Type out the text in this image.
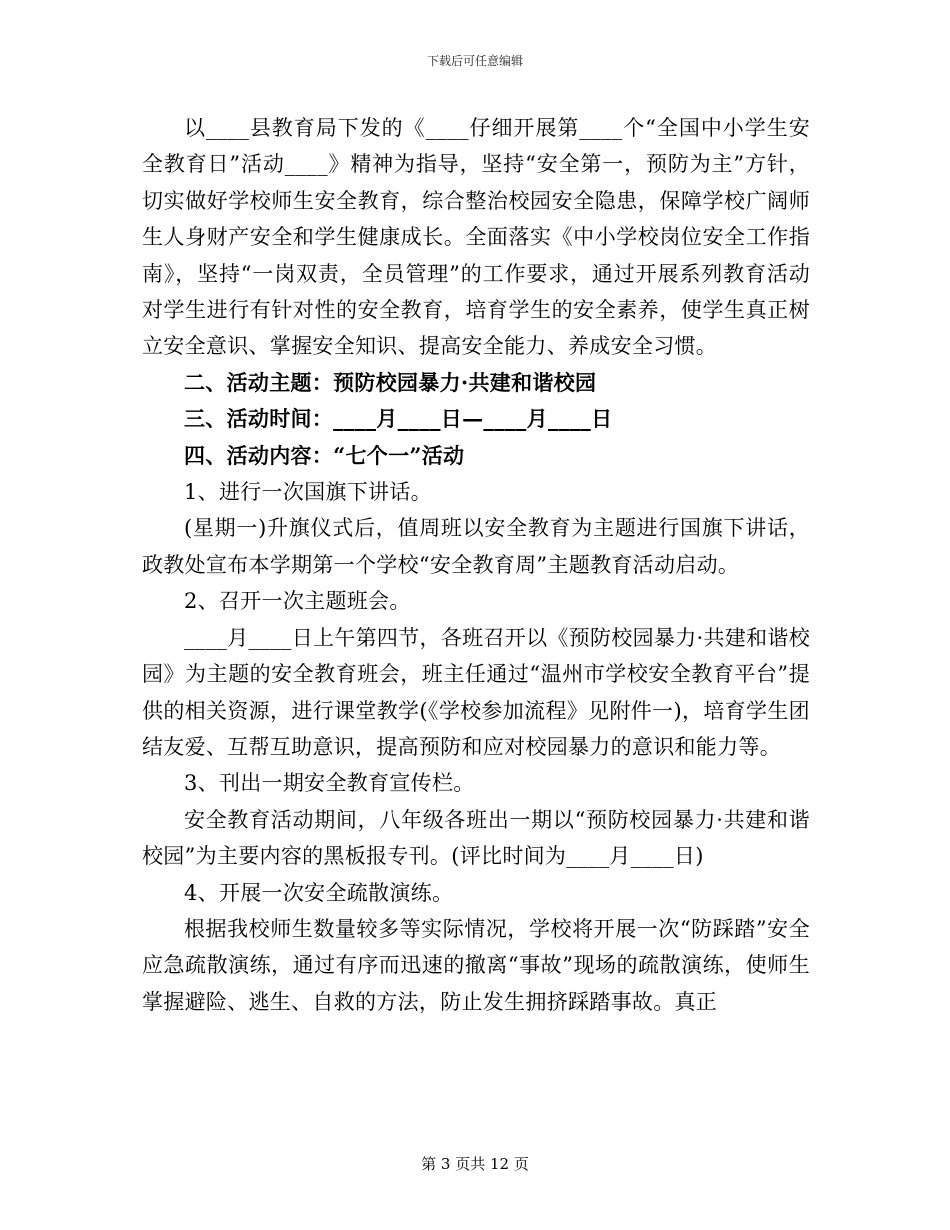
下载后可任意编辑

以____县教育局下发的《____仔细开展第____个“全国中小学生安全教育日”活动____》精神为指导，坚持“安全第一，预防为主”方针，切实做好学校师生安全教育，综合整治校园安全隐患，保障学校广阔师生人身财产安全和学生健康成长。全面落实《中小学校岗位安全工作指南》，坚持“一岗双责，全员管理”的工作要求，通过开展系列教育活动对学生进行有针对性的安全教育，培育学生的安全素养，使学生真正树立安全意识、掌握安全知识、提高安全能力、养成安全习惯。

二、活动主题：预防校园暴力·共建和谐校园

三、活动时间：____月____日—____月____日

四、活动内容：“七个一”活动

1、进行一次国旗下讲话。

(星期一)升旗仪式后，值周班以安全教育为主题进行国旗下讲话，政教处宣布本学期第一个学校“安全教育周”主题教育活动启动。

2、召开一次主题班会。

____月____日上午第四节，各班召开以《预防校园暴力·共建和谐校园》为主题的安全教育班会，班主任通过“温州市学校安全教育平台”提供的相关资源，进行课堂教学(《学校参加流程》见附件一)，培育学生团结友爱、互帮互助意识，提高预防和应对校园暴力的意识和能力等。

3、刊出一期安全教育宣传栏。

安全教育活动期间，八年级各班出一期以“预防校园暴力·共建和谐校园”为主要内容的黑板报专刊。(评比时间为____月____日)

4、开展一次安全疏散演练。

根据我校师生数量较多等实际情况，学校将开展一次“防踩踏”安全应急疏散演练，通过有序而迅速的撤离“事故”现场的疏散演练，使师生掌握避险、逃生、自救的方法，防止发生拥挤踩踏事故。真正

第 3 页共 12 页
